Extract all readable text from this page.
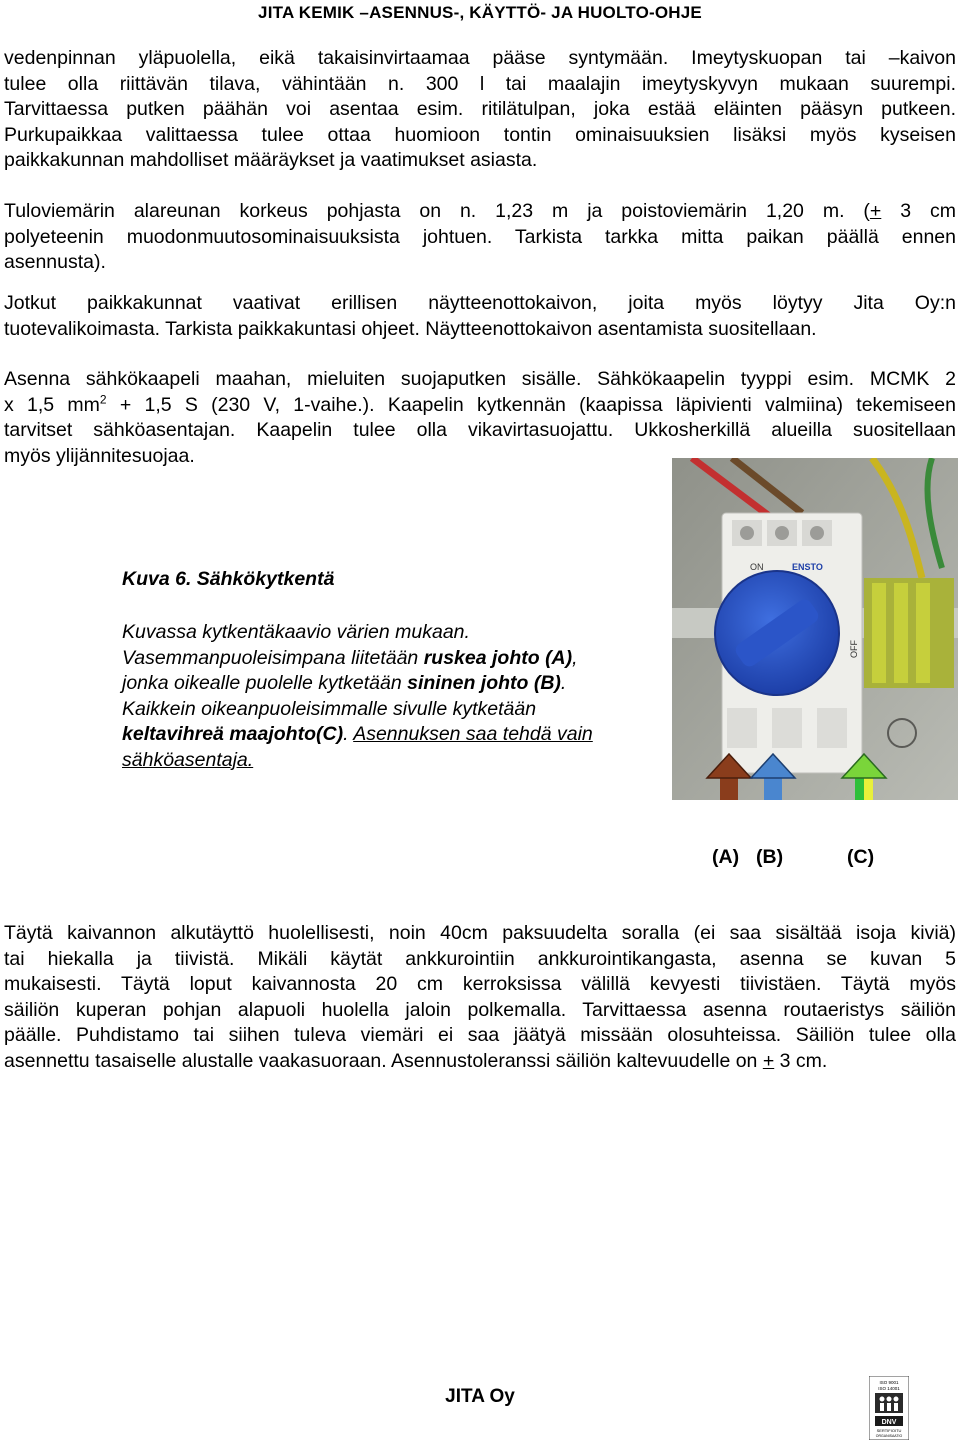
JITA KEMIK –ASENNUS-, KÄYTTÖ- JA HUOLTO-OHJE
vedenpinnan yläpuolella, eikä takaisinvirtaamaa pääse syntymään. Imeytyskuopan tai –kaivon
tulee olla riittävän tilava, vähintään n. 300 l tai maalajin imeytyskyvyn mukaan suurempi.
Tarvittaessa putken päähän voi asentaa esim. ritilätulpan, joka estää eläinten pääsyn putkeen.
Purkupaikkaa valittaessa tulee ottaa huomioon tontin ominaisuuksien lisäksi myös kyseisen
paikkakunnan mahdolliset määräykset ja vaatimukset asiasta.
Tuloviemärin alareunan korkeus pohjasta on n. 1,23 m ja poistoviemärin 1,20 m. (+ 3 cm
polyeteenin muodonmuutosominaisuuksista johtuen. Tarkista tarkka mitta paikan päällä ennen
asennusta).
Jotkut paikkakunnat vaativat erillisen näytteenottokaivon, joita myös löytyy Jita Oy:n
tuotevalikoimasta. Tarkista paikkakuntasi ohjeet. Näytteenottokaivon asentamista suositellaan.
Asenna sähkökaapeli maahan, mieluiten suojaputken sisälle. Sähkökaapelin tyyppi esim. MCMK 2
x 1,5 $mm^2 + 1,5$ S (230 V, 1-vaihe.). Kaapelin kytkennän (kaapissa läpivienti valmiina) tekemiseen
tarvitset sähköasentajan. Kaapelin tulee olla vikavirtasuojattu. Ukkosherkillä alueilla suositellaan
myös ylijännitesuojaa.
Kuva 6. Sähkökytkentä
Kuvassa kytkentäkaavio värien mukaan.
Vasemmanpuoleisimpana liitetään ruskea johto (A),
jonka oikealle puolelle kytketään sininen johto (B).
Kaikkein oikeanpuoleisimmalle sivulle kytketään
keltavihreä maajohto(C). Asennuksen saa tehdä vain
sähköasentaja.
ON	ENSTO
OFF
(A) (B)	(C)
Täytä kaivannon alkutäyttö huolellisesti, noin 40cm paksuudelta soralla (ei saa sisältää isoja kiviä)
tai hiekalla ja tiivistä. Mikäli käytät ankkurointiin ankkurointikangasta, asenna se kuvan 5
mukaisesti. Täytä loput kaivannosta 20 cm kerroksissa välillä kevyesti tiivistäen. Täytä myös
säiliön kuperan pohjan alapuoli huolella jaloin polkemalla. Tarvittaessa asenna routaeristys säiliön
päälle. Puhdistamo tai siihen tuleva viemäri ei saa jäätyä missään olosuhteissa. Säiliön tulee olla
asennettu tasaiselle alustalle vaakasuoraan. Asennustoleranssi säiliön kaltevuudelle on + 3 cm.
JITA Oy
ISO 9001
ISO 14001
DNV
SERTIFIOITU
ORGANISAATIO
